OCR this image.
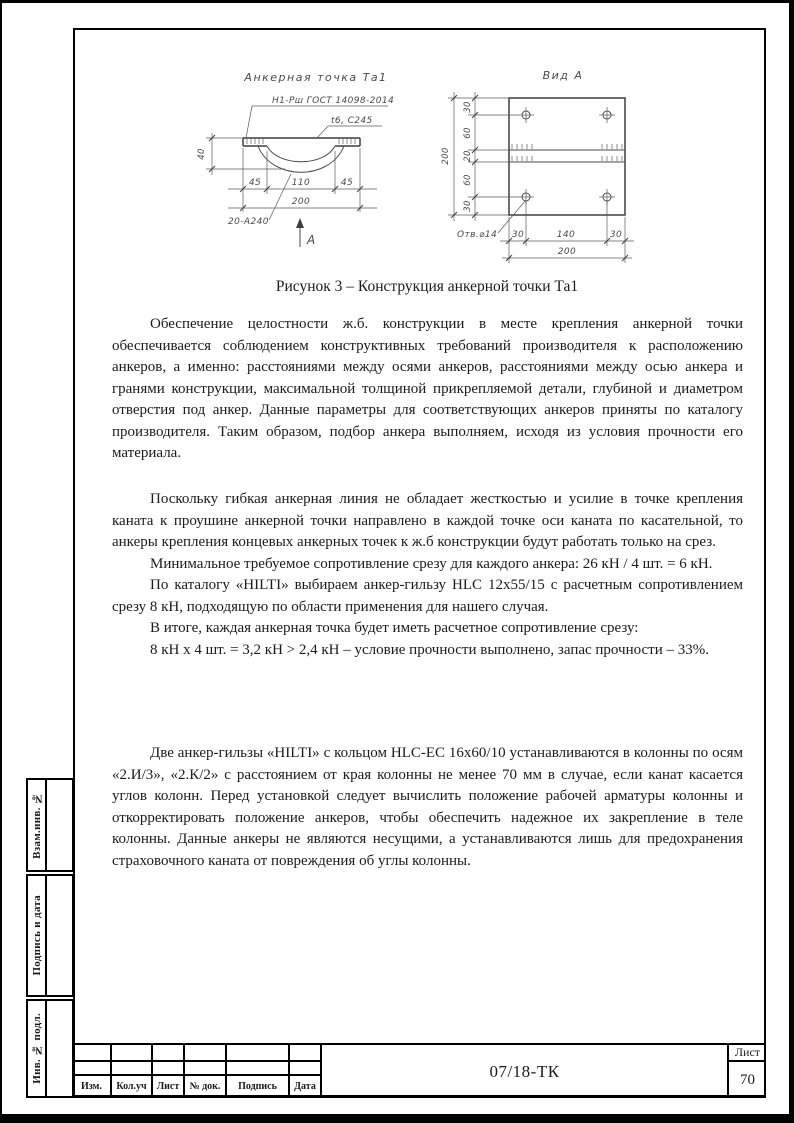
Взам.инв. №
Подпись и дата
Инв. № подл.
Анкерная точка Та1
Н1-Рш ГОСТ 14098-2014
t6, С245
40
45	110	45
200
20-А240
А
Вид А
30
60
20
60
30
200
30	140	30
200
Отв.⌀14
Рисунок 3 – Конструкция анкерной точки Та1

Обеспечение целостности ж.б. конструкции в месте крепления анкерной точки обеспечивается соблюдением конструктивных требований производителя к расположению анкеров, а именно: расстояниями между осями анкеров, расстояниями между осью анкера и гранями конструкции, максимальной толщиной прикрепляемой детали, глубиной и диаметром отверстия под анкер. Данные параметры для соответствующих анкеров приняты по каталогу производителя. Таким образом, подбор анкера выполняем, исходя из условия прочности его материала.

Поскольку гибкая анкерная линия не обладает жесткостью и усилие в точке крепления каната к проушине анкерной точки направлено в каждой точке оси каната по касательной, то анкеры крепления концевых анкерных точек к ж.б конструкции будут работать только на срез.

Минимальное требуемое сопротивление срезу для каждого анкера: 26 кН / 4 шт. = 6 кН.

По каталогу «HILTI» выбираем анкер-гильзу HLC 12х55/15 с расчетным сопротивлением срезу 8 кН, подходящую по области применения для нашего случая.

В итоге, каждая анкерная точка будет иметь расчетное сопротивление срезу:

8 кН х 4 шт. = 3,2 кН > 2,4 кН – условие прочности выполнено, запас прочности – 33%.

Две анкер-гильзы «HILTI» с кольцом HLC-EC 16х60/10 устанавливаются в колонны по осям «2.И/3», «2.К/2» с расстоянием от края колонны не менее 70 мм в случае, если канат касается углов колонн. Перед установкой следует вычислить положение рабочей арматуры колонны и откорректировать положение анкеров, чтобы обеспечить надежное их закрепление в теле колонны. Данные анкеры не являются несущими, а устанавливаются лишь для предохранения страховочного каната от повреждения об углы колонны.

Изм.	Кол.уч	Лист	№ док.	Подпись	Дата
07/18-ТК
Лист
70
